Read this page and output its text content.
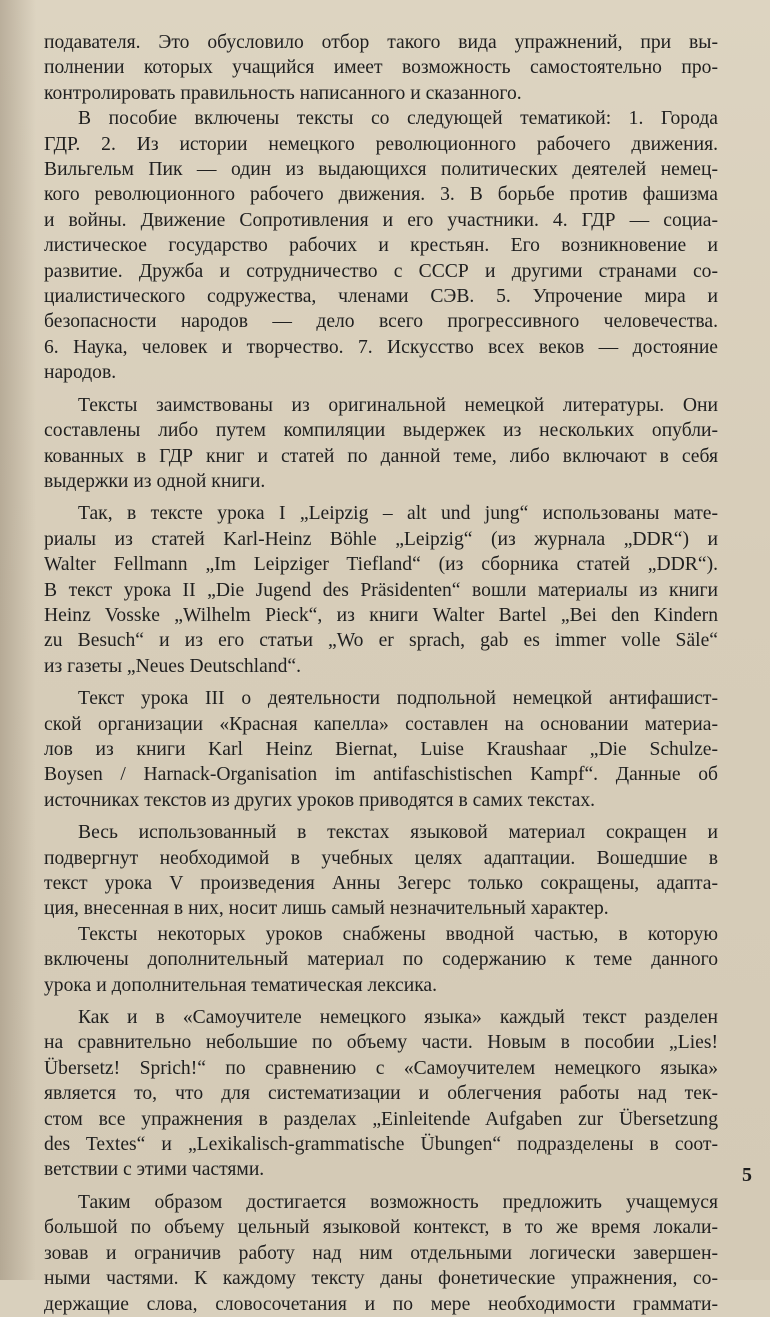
подавателя. Это обусловило отбор такого вида упражнений, при вы-
полнении которых учащийся имеет возможность самостоятельно про-
контролировать правильность написанного и сказанного.
В пособие включены тексты со следующей тематикой: 1. Города
ГДР. 2. Из истории немецкого революционного рабочего движения.
Вильгельм Пик — один из выдающихся политических деятелей немец-
кого революционного рабочего движения. 3. В борьбе против фашизма
и войны. Движение Сопротивления и его участники. 4. ГДР — социа-
листическое государство рабочих и крестьян. Его возникновение и
развитие. Дружба и сотрудничество с СССР и другими странами со-
циалистического содружества, членами СЭВ. 5. Упрочение мира и
безопасности народов — дело всего прогрессивного человечества.
6. Наука, человек и творчество. 7. Искусство всех веков — достояние
народов.
Тексты заимствованы из оригинальной немецкой литературы. Они
составлены либо путем компиляции выдержек из нескольких опубли-
кованных в ГДР книг и статей по данной теме, либо включают в себя
выдержки из одной книги.
Так, в тексте урока I „Leipzig – alt und jung“ использованы мате-
риалы из статей Karl-Heinz Böhle „Leipzig“ (из журнала „DDR“) и
Walter Fellmann „Im Leipziger Tiefland“ (из сборника статей „DDR“).
В текст урока II „Die Jugend des Präsidenten“ вошли материалы из книги
Heinz Vosske „Wilhelm Pieck“, из книги Walter Bartel „Bei den Kindern
zu Besuch“ и из его статьи „Wo er sprach, gab es immer volle Säle“
из газеты „Neues Deutschland“.
Текст урока III о деятельности подпольной немецкой антифашист-
ской организации «Красная капелла» составлен на основании материа-
лов из книги Karl Heinz Biernat, Luise Kraushaar „Die Schulze-
Boysen / Harnack-Organisation im antifaschistischen Kampf“. Данные об
источниках текстов из других уроков приводятся в самих текстах.
Весь использованный в текстах языковой материал сокращен и
подвергнут необходимой в учебных целях адаптации. Вошедшие в
текст урока V произведения Анны Зегерс только сокращены, адапта-
ция, внесенная в них, носит лишь самый незначительный характер.
Тексты некоторых уроков снабжены вводной частью, в которую
включены дополнительный материал по содержанию к теме данного
урока и дополнительная тематическая лексика.
Как и в «Самоучителе немецкого языка» каждый текст разделен
на сравнительно небольшие по объему части. Новым в пособии „Lies!
Übersetz! Sprich!“ по сравнению с «Самоучителем немецкого языка»
является то, что для систематизации и облегчения работы над тек-
стом все упражнения в разделах „Einleitende Aufgaben zur Übersetzung
des Textes“ и „Lexikalisch-grammatische Übungen“ подразделены в соот-
ветствии с этими частями.
Таким образом достигается возможность предложить учащемуся
большой по объему цельный языковой контекст, в то же время локали-
зовав и ограничив работу над ним отдельными логически завершен-
ными частями. К каждому тексту даны фонетические упражнения, со-
держащие слова, словосочетания и по мере необходимости граммати-
5
